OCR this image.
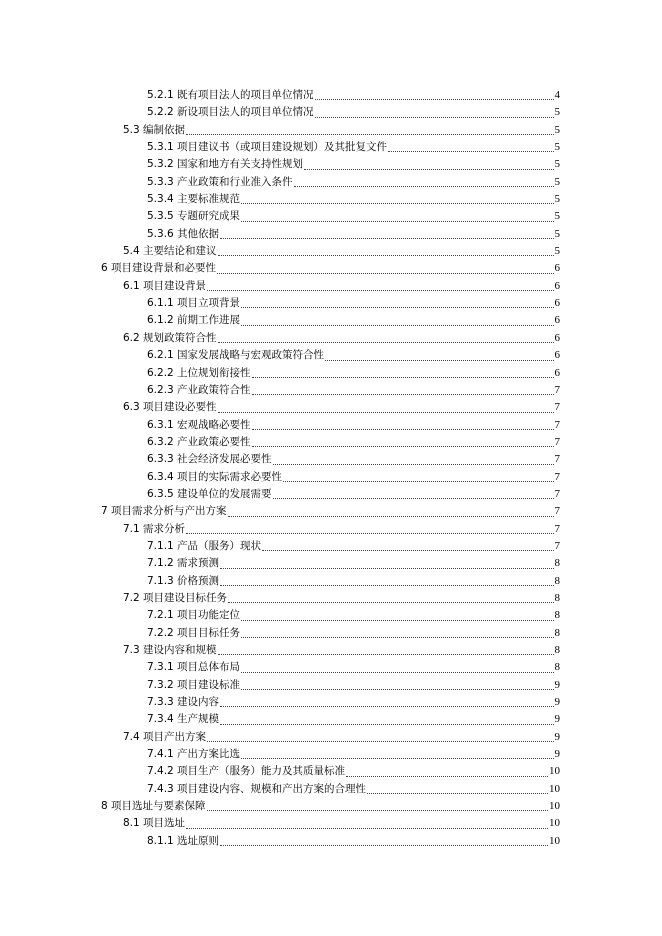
5.2.1 既有项目法人的项目单位情况	4
5.2.2 新设项目法人的项目单位情况	5
5.3 编制依据	5
5.3.1 项目建议书（或项目建设规划）及其批复文件	5
5.3.2 国家和地方有关支持性规划	5
5.3.3 产业政策和行业准入条件	5
5.3.4 主要标准规范	5
5.3.5 专题研究成果	5
5.3.6 其他依据	5
5.4 主要结论和建议	5
6 项目建设背景和必要性	6
6.1 项目建设背景	6
6.1.1 项目立项背景	6
6.1.2 前期工作进展	6
6.2 规划政策符合性	6
6.2.1 国家发展战略与宏观政策符合性	6
6.2.2 上位规划衔接性	6
6.2.3 产业政策符合性	7
6.3 项目建设必要性	7
6.3.1 宏观战略必要性	7
6.3.2 产业政策必要性	7
6.3.3 社会经济发展必要性	7
6.3.4 项目的实际需求必要性	7
6.3.5 建设单位的发展需要	7
7 项目需求分析与产出方案	7
7.1 需求分析	7
7.1.1 产品（服务）现状	7
7.1.2 需求预测	8
7.1.3 价格预测	8
7.2 项目建设目标任务	8
7.2.1 项目功能定位	8
7.2.2 项目目标任务	8
7.3 建设内容和规模	8
7.3.1 项目总体布局	8
7.3.2 项目建设标准	9
7.3.3 建设内容	9
7.3.4 生产规模	9
7.4 项目产出方案	9
7.4.1 产出方案比选	9
7.4.2 项目生产（服务）能力及其质量标准	10
7.4.3 项目建设内容、规模和产出方案的合理性	10
8 项目选址与要素保障	10
8.1 项目选址	10
8.1.1 选址原则	10
